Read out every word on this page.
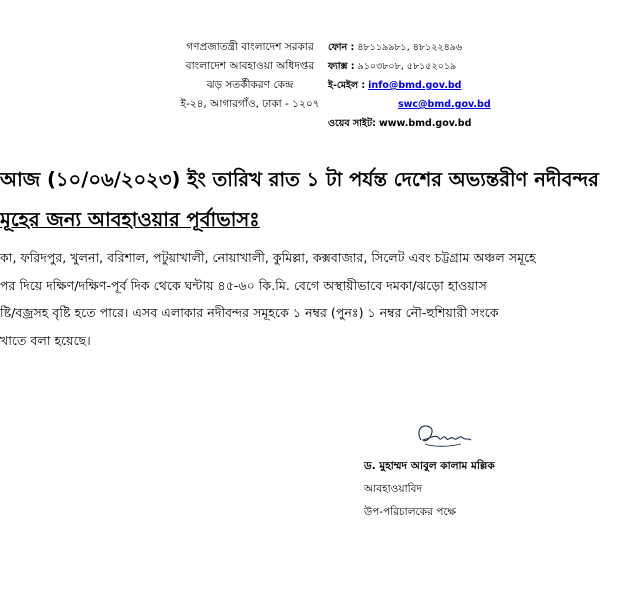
গণপ্রজাতন্ত্রী বাংলাদেশ সরকার
বাংলাদেশ আবহাওয়া অধিদপ্তর
ঝড় সতর্কীকরণ কেন্দ্র
ই-২৪, আগারগাঁও, ঢাকা - ১২০৭
ফোন : ৪৮১১৯৯৮১, ৪৮১২২৪৯৬
ফ্যাক্স : ৯১০৩৮০৮, ৫৮১৫২০১৯
ই-মেইল : info@bmd.gov.bd
swc@bmd.gov.bd
ওয়েব সাইট: www.bmd.gov.bd
আজ (১০/০৬/২০২৩) ইং তারিখ রাত ১ টা পর্যন্ত দেশের অভ্যন্তরীণ নদীবন্দর
মূহের জন্য আবহাওয়ার পূর্বাভাসঃ
কা, ফরিদপুর, খুলনা, বরিশাল, পটুয়াখালী, নোয়াখালী, কুমিল্লা, কক্সবাজার, সিলেট এবং চট্টগ্রাম অঞ্চল সমূহে
পর দিয়ে দক্ষিণ/দক্ষিণ-পূর্ব দিক থেকে ঘন্টায় ৪৫-৬০ কি.মি. বেগে অস্থায়ীভাবে দমকা/ঝড়ো হাওয়াস
ষ্টি/বজ্রসহ বৃষ্টি হতে পারে। এসব এলাকার নদীবন্দর সমূহকে ১ নম্বর (পুনঃ) ১ নম্বর নৌ-হুশিয়ারী সংকে
খাতে বলা হয়েছে।
ড. মুহাম্মদ আবুল কালাম মল্লিক
আবহাওয়াবিদ
উপ-পরিচালকের পক্ষে
